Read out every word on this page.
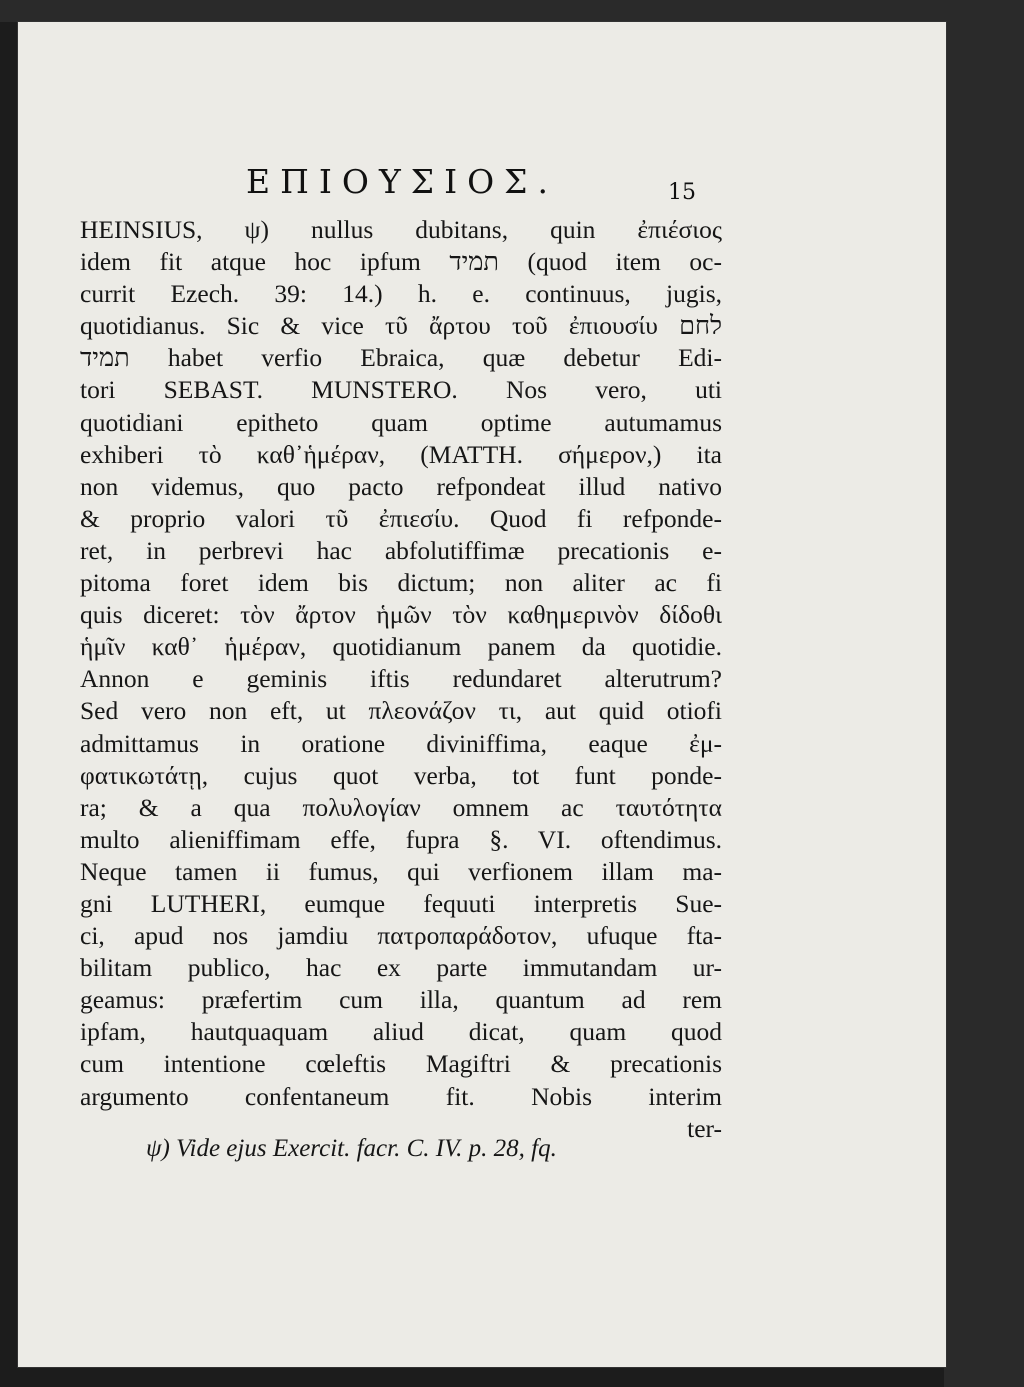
ΕΠΙΟΥΣΙΟΣ.	15
HEINSIUS, ψ) nullus dubitans, quin ἐπιέσιος
idem fit atque hoc ipfum תמיד (quod item oc-
currit Ezech. 39: 14.) h. e. continuus, jugis,
quotidianus. Sic & vice τῦ ἄρτου τοῦ ἐπιουσίυ לחם
תמיד habet verfio Ebraica, quæ debetur Edi-
tori SEBAST. MUNSTERO. Nos vero, uti
quotidiani epitheto quam optime autumamus
exhiberi τὸ καθ᾽ἡμέραν, (MATTH. σήμερον,) ita
non videmus, quo pacto refpondeat illud nativo
& proprio valori τῦ ἐπιεσίυ. Quod fi refponde-
ret, in perbrevi hac abfolutiffimæ precationis e-
pitoma foret idem bis dictum; non aliter ac fi
quis diceret: τὸν ἄρτον ἡμῶν τὸν καθημερινὸν δίδοθι
ἡμῖν καθ᾽ ἡμέραν, quotidianum panem da quotidie.
Annon e geminis iftis redundaret alterutrum?
Sed vero non eft, ut πλεονάζον τι, aut quid otiofi
admittamus in oratione diviniffima, eaque ἐμ-
φατικωτάτῃ, cujus quot verba, tot funt ponde-
ra; & a qua πολυλογίαν omnem ac ταυτότητα
multo alieniffimam effe, fupra §. VI. oftendimus.
Neque tamen ii fumus, qui verfionem illam ma-
gni LUTHERI, eumque fequuti interpretis Sue-
ci, apud nos jamdiu πατροπαράδοτον, ufuque fta-
bilitam publico, hac ex parte immutandam ur-
geamus: præfertim cum illa, quantum ad rem
ipfam, hautquaquam aliud dicat, quam quod
cum intentione cœleftis Magiftri & precationis
argumento confentaneum fit. Nobis interim
ter-
ψ) Vide ejus Exercit. facr. C. IV. p. 28, fq.
